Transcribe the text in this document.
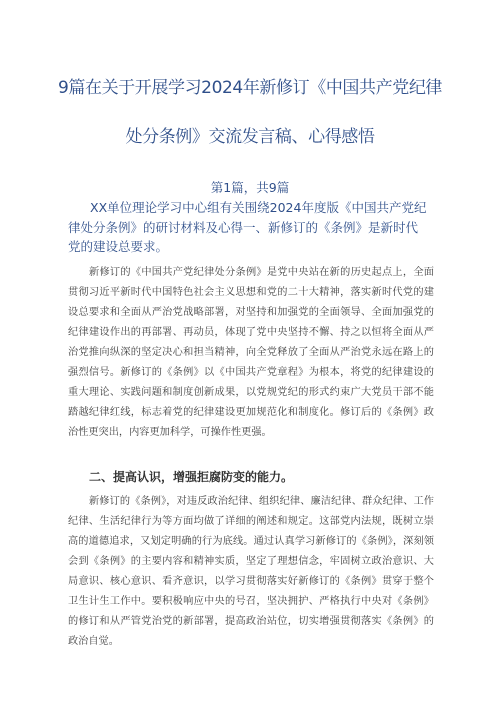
9篇在关于开展学习2024年新修订《中国共产党纪律
处分条例》交流发言稿、心得感悟
第1篇，共9篇

XX单位理论学习中心组有关围绕2024年度版《中国共产党纪律处分条例》的研讨材料及心得一、新修订的《条例》是新时代党的建设总要求。

新修订的《中国共产党纪律处分条例》是党中央站在新的历史起点上，全面贯彻习近平新时代中国特色社会主义思想和党的二十大精神，落实新时代党的建设总要求和全面从严治党战略部署，对坚持和加强党的全面领导、全面加强党的纪律建设作出的再部署、再动员，体现了党中央坚持不懈、持之以恒将全面从严治党推向纵深的坚定决心和担当精神，向全党释放了全面从严治党永远在路上的强烈信号。新修订的《条例》以《中国共产党章程》为根本，将党的纪律建设的重大理论、实践问题和制度创新成果，以党规党纪的形式约束广大党员干部不能踏越纪律红线，标志着党的纪律建设更加规范化和制度化。修订后的《条例》政治性更突出，内容更加科学，可操作性更强。

二、提高认识，增强拒腐防变的能力。

新修订的《条例》，对违反政治纪律、组织纪律、廉洁纪律、群众纪律、工作纪律、生活纪律行为等方面均做了详细的阐述和规定。这部党内法规，既树立崇高的道德追求，又划定明确的行为底线。通过认真学习新修订的《条例》，深刻领会到《条例》的主要内容和精神实质，坚定了理想信念，牢固树立政治意识、大局意识、核心意识、看齐意识，以学习贯彻落实好新修订的《条例》贯穿于整个卫生计生工作中。要积极响应中央的号召，坚决拥护、严格执行中央对《条例》的修订和从严管党治党的新部署，提高政治站位，切实增强贯彻落实《条例》的政治自觉。
